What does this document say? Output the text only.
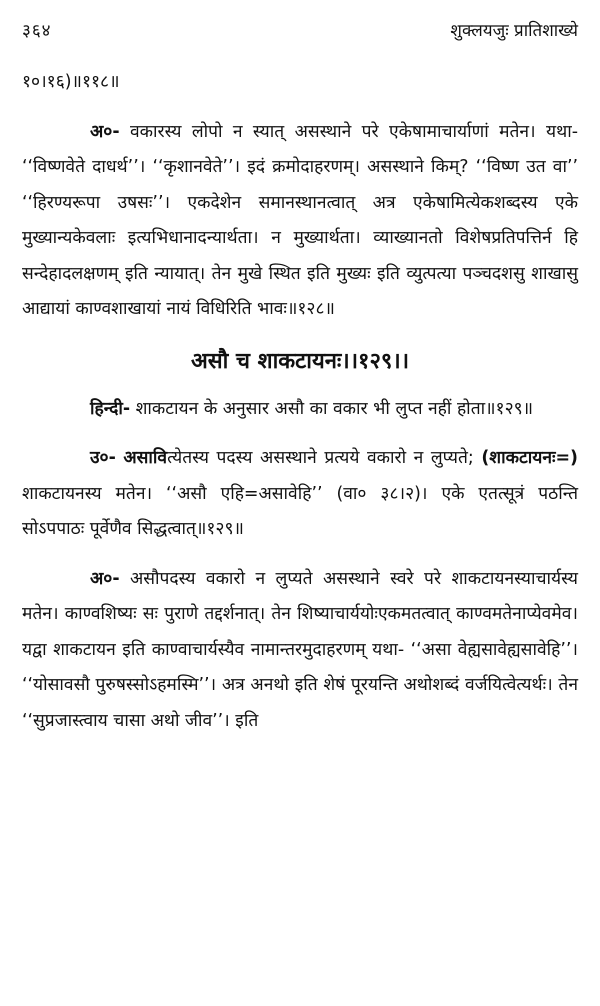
३६४	शुक्लयजुः प्रातिशाख्ये

१०।१६)॥११८॥

अ०- वकारस्य लोपो न स्यात् असस्थाने परे एकेषामाचार्याणां मतेन। यथा- ‘‘विष्णवेते दाधर्थ’’। ‘‘कृशानवेते’’। इदं क्रमोदाहरणम्। असस्थाने किम्? ‘‘विष्ण उत वा’’ ‘‘हिरण्यरूपा उषसः’’। एकदेशेन समानस्थानत्वात् अत्र एकेषामित्येकशब्दस्य एके मुख्यान्यकेवलाः इत्यभिधानादन्यार्थता। न मुख्यार्थता। व्याख्यानतो विशेषप्रतिपत्तिर्न हि सन्देहादलक्षणम् इति न्यायात्। तेन मुखे स्थित इति मुख्यः इति व्युत्पत्या पञ्चदशसु शाखासु आद्यायां काण्वशाखायां नायं विधिरिति भावः॥१२८॥

असौ च शाकटायनः।।१२९।।

हिन्दी- शाकटायन के अनुसार असौ का वकार भी लुप्त नहीं होता॥१२९॥

उ०- असावित्येतस्य पदस्य असस्थाने प्रत्यये वकारो न लुप्यते; (शाकटायनः=) शाकटायनस्य मतेन। ‘‘असौ एहि=असावेहि’’ (वा० ३८।२)। एके एतत्सूत्रं पठन्ति सोऽपपाठः पूर्वेणैव सिद्धत्वात्॥१२९॥

अ०- असौपदस्य वकारो न लुप्यते असस्थाने स्वरे परे शाकटायनस्याचार्यस्य मतेन। काण्वशिष्यः सः पुराणे तद्दर्शनात्। तेन शिष्याचार्ययोःएकमतत्वात् काण्वमतेनाप्येवमेव। यद्वा शाकटायन इति काण्वाचार्यस्यैव नामान्तरमुदाहरणम् यथा- ‘‘असा वेह्यसावेह्यसावेहि’’। ‘‘योसावसौ पुरुषस्सोऽहमस्मि’’। अत्र अनथो इति शेषं पूरयन्ति अथोशब्दं वर्जयित्वेत्यर्थः। तेन ‘‘सुप्रजास्त्वाय चासा अथो जीव’’। इति
